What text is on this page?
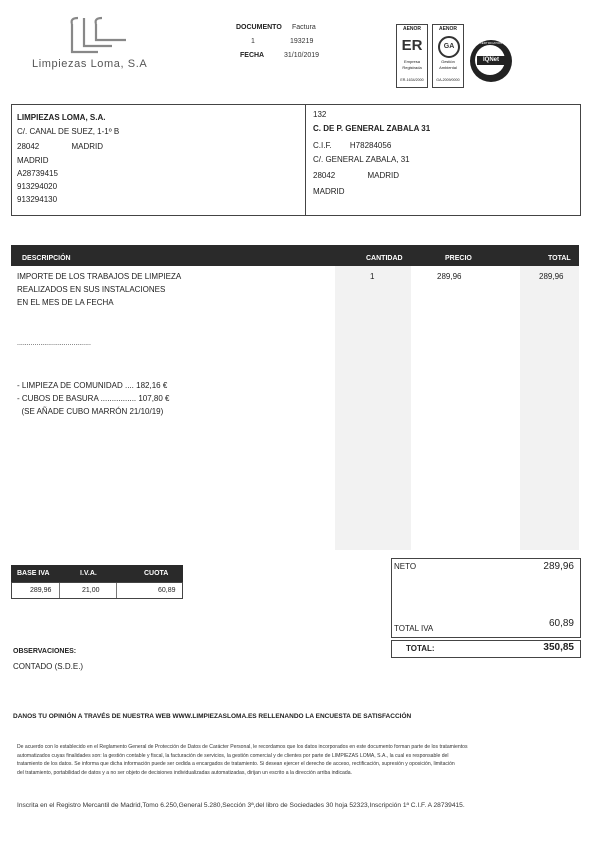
Limpiezas Loma, S.A
DOCUMENTO Factura
1	193219
FECHA	31/10/2019
AENOR
ER
Empresa
Registrada
ER-1634/2000
AENOR
GA
Gestión
Ambiental
GA-2009/0000
IQNet
CERTIFICATION
LIMPIEZAS LOMA, S.A.
C/. CANAL DE SUEZ, 1-1º B
28042	MADRID
MADRID
A28739415
913294020
913294130
132
C. DE P. GENERAL ZABALA 31
C.I.F. H78284056
C/. GENERAL ZABALA, 31
28042	MADRID
MADRID
DESCRIPCIÓN	CANTIDAD	PRECIO	TOTAL
IMPORTE DE LOS TRABAJOS DE LIMPIEZA
REALIZADOS EN SUS INSTALACIONES
EN EL MES DE LA FECHA
......................................
- LIMPIEZA DE COMUNIDAD .... 182,16 €
- CUBOS DE BASURA ................ 107,80 €
(SE AÑADE CUBO MARRÓN 21/10/19)
1	289,96	289,96
BASE IVA	I.V.A.	CUOTA
289,96	21,00	60,89
NETO	289,96
TOTAL IVA	60,89
TOTAL:	350,85
OBSERVACIONES:
CONTADO (S.D.E.)
DANOS TU OPINIÓN A TRAVÉS DE NUESTRA WEB WWW.LIMPIEZASLOMA.ES RELLENANDO LA ENCUESTA DE SATISFACCIÓN
De acuerdo con lo establecido en el Reglamento General de Protección de Datos de Carácter Personal, le recordamos que los datos incorporados en este documento forman parte de los tratamientos
automatizados cuyas finalidades son: la gestión contable y fiscal, la facturación de servicios, la gestión comercial y de clientes por parte de LIMPIEZAS LOMA, S.A., la cual es responsable del
tratamiento de los datos. Se informa que dicha información puede ser cedida a encargados de tratamiento. Si desean ejercer el derecho de acceso, rectificación, supresión y oposición, limitación
del tratamiento, portabilidad de datos y a no ser objeto de decisiones individualizadas automatizadas, dirijan un escrito a la dirección arriba indicada.
Inscrita en el Registro Mercantil de Madrid,Tomo 6.250,General 5.280,Sección 3ª,del libro de Sociedades 30 hoja 52323,Inscripción 1ª C.I.F. A 28739415.
